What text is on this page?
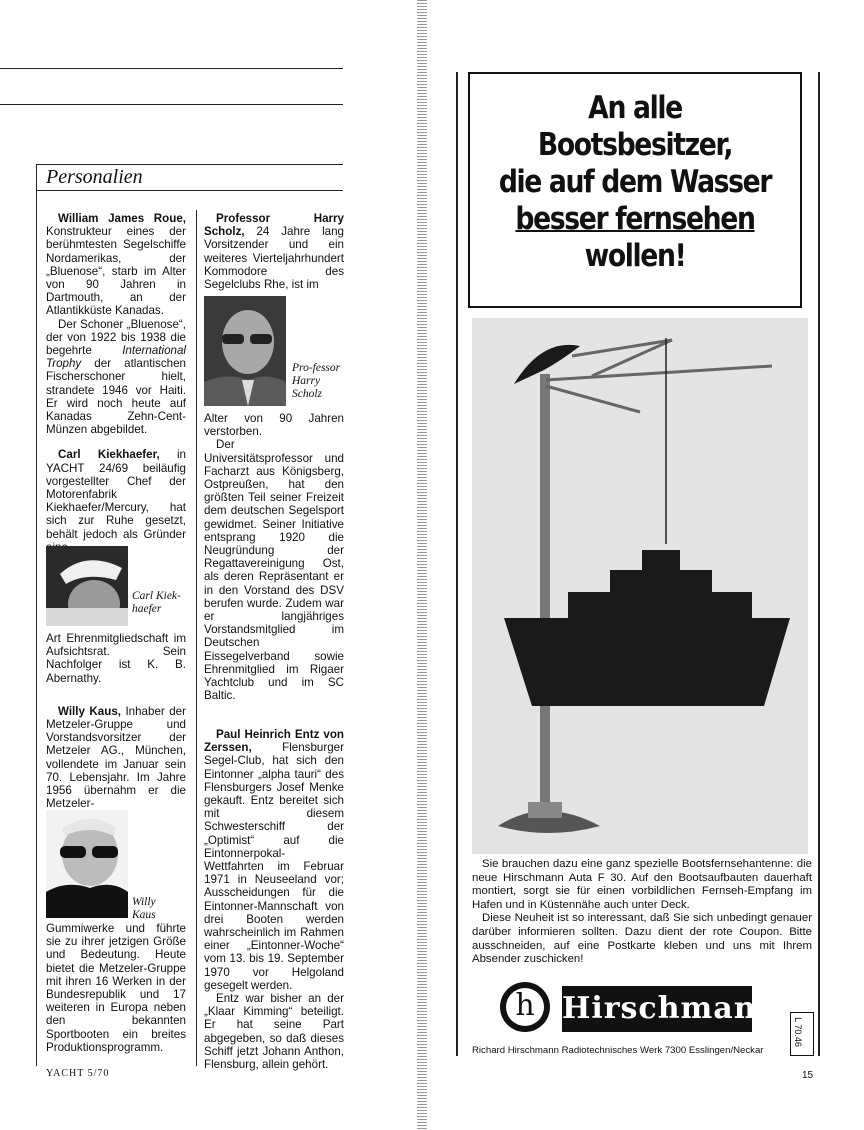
Personalien

William James Roue, Konstrukteur eines der berühmtesten Segelschiffe Nordamerikas, der „Bluenose“, starb im Alter von 90 Jahren in Dartmouth, an der Atlantikküste Kanadas.

Der Schoner „Bluenose“, der von 1922 bis 1938 die begehrte International Trophy der atlantischen Fischerschoner hielt, strandete 1946 vor Haiti. Er wird noch heute auf Kanadas Zehn-Cent-Münzen abgebildet.

Carl Kiekhaefer, in YACHT 24/69 beiläufig vorgestellter Chef der Motorenfabrik Kiekhaefer/Mercury, hat sich zur Ruhe gesetzt, behält jedoch als Gründer

Carl Kiek-haefer

Art Ehrenmitgliedschaft im Aufsichtsrat. Sein Nachfolger ist K. B. Abernathy.

Willy Kaus, Inhaber der Metzeler-Gruppe und Vorstandsvorsitzer der Metzeler AG., München, vollendete im Januar sein 70. Lebensjahr. Im Jahre 1956 übernahm er die Metzeler-

Willy Kaus

Gummiwerke und führte sie zu ihrer jetzigen Größe und Bedeutung. Heute bietet die Metzeler-Gruppe mit ihren 16 Werken in der Bundesrepublik und 17 weiteren in Europa neben den bekannten Sportbooten ein breites Produktionsprogramm.

Professor Harry Scholz, 24 Jahre lang Vorsitzender und ein weiteres Vierteljahrhundert Kommodore des Segelclubs Rhe, ist im

Pro-fessor Harry Scholz

Alter von 90 Jahren verstorben.

Der Universitätsprofessor und Facharzt aus Königsberg, Ostpreußen, hat den größten Teil seiner Freizeit dem deutschen Segelsport gewidmet. Seiner Initiative entsprang 1920 die Neugründung der Regattavereinigung Ost, als deren Repräsentant er in den Vorstand des DSV berufen wurde. Zudem war er langjähriges Vorstandsmitglied im Deutschen Eissegelverband sowie Ehrenmitglied im Rigaer Yachtclub und im SC Baltic.

Paul Heinrich Entz von Zerssen, Flensburger Segel-Club, hat sich den Eintonner „alpha tauri“ des Flensburgers Josef Menke gekauft. Entz bereitet sich mit diesem Schwesterschiff der „Optimist“ auf die Eintonnerpokal-Wettfahrten im Februar 1971 in Neuseeland vor; Ausscheidungen für die Eintonner-Mannschaft von drei Booten werden wahrscheinlich im Rahmen einer „Eintonner-Woche“ vom 13. bis 19. September 1970 vor Helgoland gesegelt werden.

Entz war bisher an der „Klaar Kimming“ beteiligt. Er hat seine Part abgegeben, so daß dieses Schiff jetzt Johann Anthon, Flensburg, allein gehört.

YACHT 5/70
An alle
Bootsbesitzer,
die auf dem Wasser
besser fernsehen
wollen!

Sie brauchen dazu eine ganz spezielle Bootsfernsehantenne: die neue Hirschmann Auta F 30. Auf den Bootsaufbauten dauerhaft montiert, sorgt sie für einen vorbildlichen Fernseh-Empfang im Hafen und in Küstennähe auch unter Deck.

Diese Neuheit ist so interessant, daß Sie sich unbedingt genauer darüber informieren sollten. Dazu dient der rote Coupon. Bitte ausschneiden, auf eine Postkarte kleben und uns mit Ihrem Absender zuschicken!

h Hirschmann
Richard Hirschmann Radiotechnisches Werk 7300 Esslingen/Neckar
L 70.46
15
